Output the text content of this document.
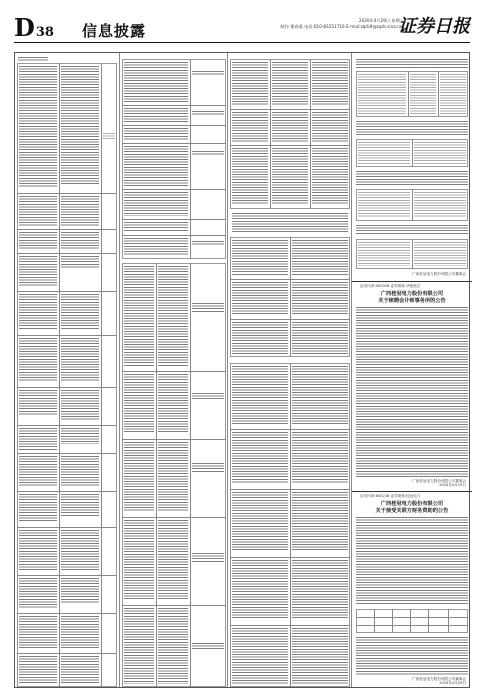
D38 信息披露
2020年4月29日 星期三
制作:董春燕 电话:010-83251716 E-mail:zqrb9@zqrb.sina.net
证券日报
广西桂冠电力股份有限公司董事会
证券代码:002928 证券简称:华夏航空
广西桂冠电力股份有限公司
关于续聘会计师事务所的公告
广西桂冠电力股份有限公司董事会
2020年4月29日
证券代码:600236 证券简称:桂冠电力
广西桂冠电力股份有限公司
关于接受关联方财务资助的公告
广西桂冠电力股份有限公司董事会
2020年4月29日
